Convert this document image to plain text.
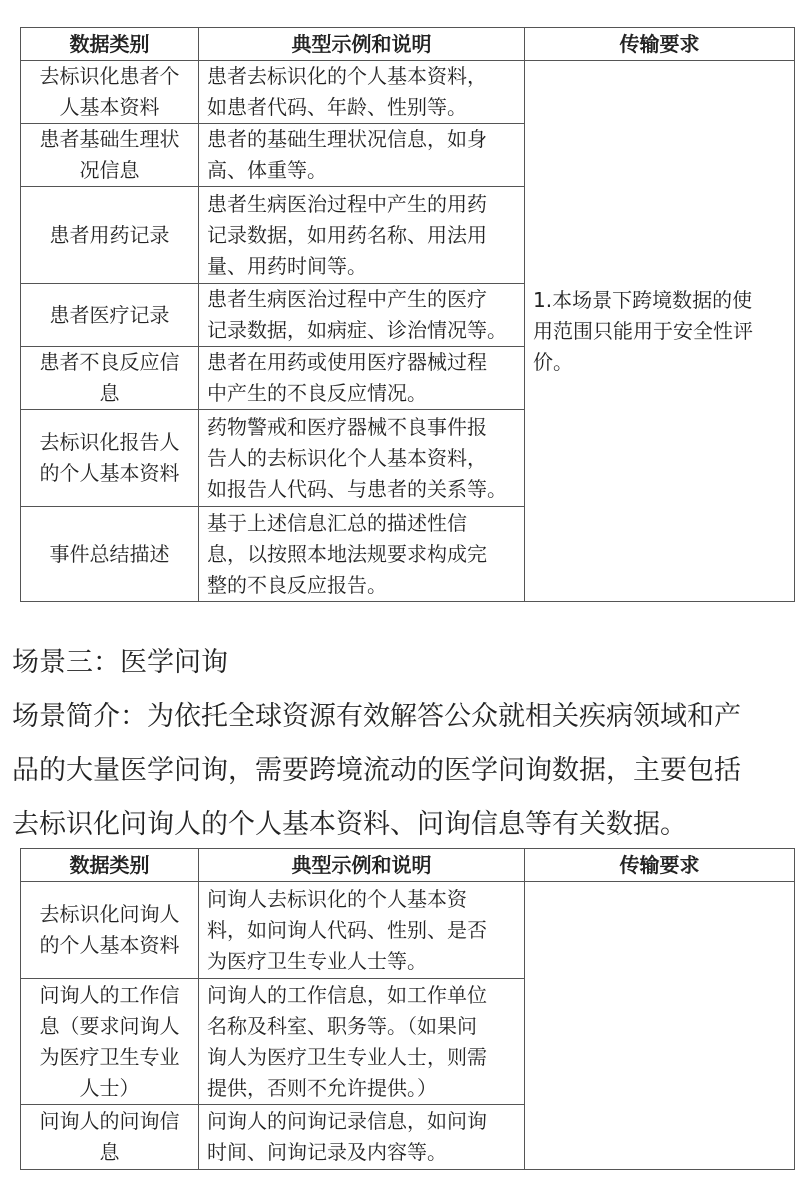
数据类别	典型示例和说明	传输要求

去标识化患者个
人基本资料	患者去标识化的个人基本资料，
如患者代码、年龄、性别等。	1.本场景下跨境数据的使
用范围只能用于安全性评
价。

患者基础生理状
况信息	患者的基础生理状况信息，如身
高、体重等。	

患者用药记录	患者生病医治过程中产生的用药
记录数据，如用药名称、用法用
量、用药时间等。	

患者医疗记录	患者生病医治过程中产生的医疗
记录数据，如病症、诊治情况等。	

患者不良反应信
息	患者在用药或使用医疗器械过程
中产生的不良反应情况。	

去标识化报告人
的个人基本资料	药物警戒和医疗器械不良事件报
告人的去标识化个人基本资料，
如报告人代码、与患者的关系等。	

事件总结描述	基于上述信息汇总的描述性信
息，以按照本地法规要求构成完
整的不良反应报告。	
场景三：医学问询
场景简介：为依托全球资源有效解答公众就相关疾病领域和产
品的大量医学问询，需要跨境流动的医学问询数据，主要包括
去标识化问询人的个人基本资料、问询信息等有关数据。
数据类别	典型示例和说明	传输要求

去标识化问询人
的个人基本资料	问询人去标识化的个人基本资
料，如问询人代码、性别、是否
为医疗卫生专业人士等。	

问询人的工作信
息（要求问询人
为医疗卫生专业
人士）	问询人的工作信息，如工作单位
名称及科室、职务等。（如果问
询人为医疗卫生专业人士，则需
提供，否则不允许提供。）	

问询人的问询信
息	问询人的问询记录信息，如问询
时间、问询记录及内容等。	
